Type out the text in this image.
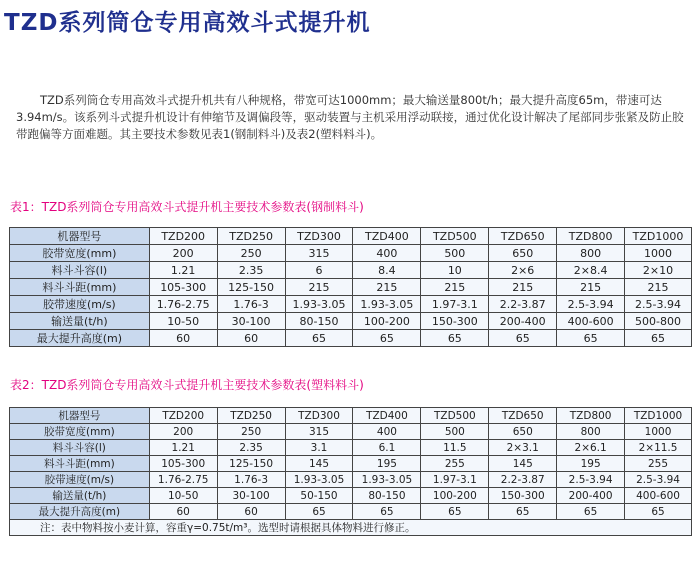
TZD系列筒仓专用高效斗式提升机
TZD系列筒仓专用高效斗式提升机共有八种规格，带宽可达1000mm；最大输送量800t/h；最大提升高度65m，带速可达3.94m/s。该系列斗式提升机设计有伸缩节及调偏段等，驱动装置与主机采用浮动联接，通过优化设计解决了尾部同步张紧及防止胶带跑偏等方面难题。其主要技术参数见表1(钢制料斗)及表2(塑料料斗)。
表1：TZD系列筒仓专用高效斗式提升机主要技术参数表(钢制料斗)
机器型号	TZD200	TZD250	TZD300	TZD400	TZD500	TZD650	TZD800	TZD1000
胶带宽度(mm)	200	250	315	400	500	650	800	1000
料斗斗容(l)	1.21	2.35	6	8.4	10	2×6	2×8.4	2×10
料斗斗距(mm)	105-300	125-150	215	215	215	215	215	215
胶带速度(m/s)	1.76-2.75	1.76-3	1.93-3.05	1.93-3.05	1.97-3.1	2.2-3.87	2.5-3.94	2.5-3.94
输送量(t/h)	10-50	30-100	80-150	100-200	150-300	200-400	400-600	500-800
最大提升高度(m)	60	60	65	65	65	65	65	65
表2：TZD系列筒仓专用高效斗式提升机主要技术参数表(塑料料斗)
机器型号	TZD200	TZD250	TZD300	TZD400	TZD500	TZD650	TZD800	TZD1000
胶带宽度(mm)	200	250	315	400	500	650	800	1000
料斗斗容(l)	1.21	2.35	3.1	6.1	11.5	2×3.1	2×6.1	2×11.5
料斗斗距(mm)	105-300	125-150	145	195	255	145	195	255
胶带速度(m/s)	1.76-2.75	1.76-3	1.93-3.05	1.93-3.05	1.97-3.1	2.2-3.87	2.5-3.94	2.5-3.94
输送量(t/h)	10-50	30-100	50-150	80-150	100-200	150-300	200-400	400-600
最大提升高度(m)	60	60	65	65	65	65	65	65
注：表中物料按小麦计算，容重γ=0.75t/m³。选型时请根据具体物料进行修正。								
